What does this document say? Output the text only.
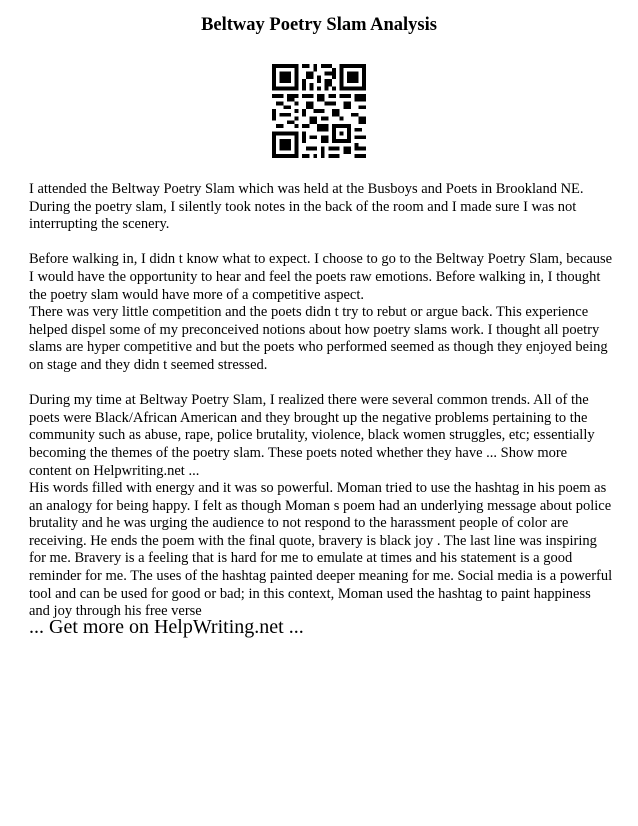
Beltway Poetry Slam Analysis

I attended the Beltway Poetry Slam which was held at the Busboys and Poets in Brookland NE. During the poetry slam, I silently took notes in the back of the room and I made sure I was not interrupting the scenery.

Before walking in, I didn t know what to expect. I choose to go to the Beltway Poetry Slam, because I would have the opportunity to hear and feel the poets raw emotions. Before walking in, I thought the poetry slam would have more of a competitive aspect.

There was very little competition and the poets didn t try to rebut or argue back. This experience helped dispel some of my preconceived notions about how poetry slams work. I thought all poetry slams are hyper competitive and but the poets who performed seemed as though they enjoyed being on stage and they didn t seemed stressed.

During my time at Beltway Poetry Slam, I realized there were several common trends. All of the poets were Black/African American and they brought up the negative problems pertaining to the community such as abuse, rape, police brutality, violence, black women struggles, etc; essentially becoming the themes of the poetry slam. These poets noted whether they have ... Show more content on Helpwriting.net ...

His words filled with energy and it was so powerful. Moman tried to use the hashtag in his poem as an analogy for being happy. I felt as though Moman s poem had an underlying message about police brutality and he was urging the audience to not respond to the harassment people of color are receiving. He ends the poem with the final quote, bravery is black joy . The last line was inspiring for me. Bravery is a feeling that is hard for me to emulate at times and his statement is a good reminder for me. The uses of the hashtag painted deeper meaning for me. Social media is a powerful tool and can be used for good or bad; in this context, Moman used the hashtag to paint happiness and joy through his free verse

... Get more on HelpWriting.net ...
